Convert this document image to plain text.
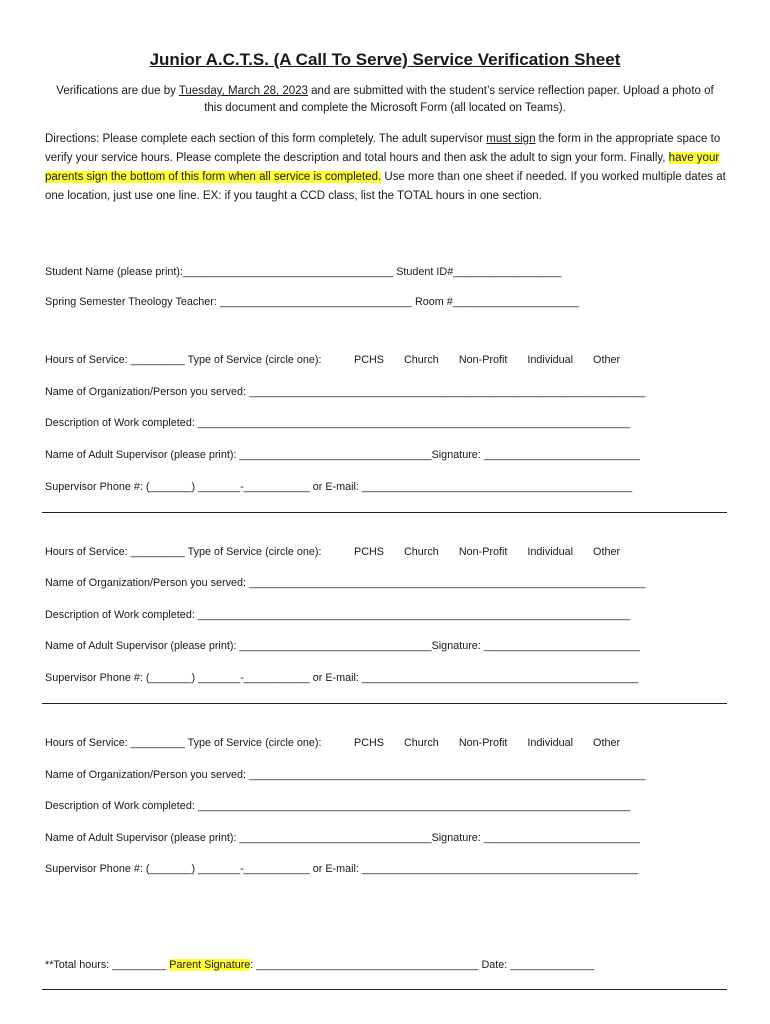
Junior A.C.T.S. (A Call To Serve) Service Verification Sheet
Verifications are due by Tuesday, March 28, 2023 and are submitted with the student’s service reflection paper. Upload a photo of this document and complete the Microsoft Form (all located on Teams).
Directions: Please complete each section of this form completely. The adult supervisor must sign the form in the appropriate space to verify your service hours. Please complete the description and total hours and then ask the adult to sign your form. Finally, have your parents sign the bottom of this form when all service is completed. Use more than one sheet if needed. If you worked multiple dates at one location, just use one line. EX: if you taught a CCD class, list the TOTAL hours in one section.
Student Name (please print):___________________________________ Student ID#__________________
Spring Semester Theology Teacher: ________________________________ Room #_____________________
Hours of Service: _________ Type of Service (circle one):	PCHS Church Non-Profit Individual Other
Name of Organization/Person you served: __________________________________________________________________
Description of Work completed: ________________________________________________________________________
Name of Adult Supervisor (please print): ________________________________Signature: __________________________
Supervisor Phone #: (_______) _______-___________ or E-mail: _____________________________________________
Hours of Service: _________ Type of Service (circle one):	PCHS Church Non-Profit Individual Other
Name of Organization/Person you served: __________________________________________________________________
Description of Work completed: ________________________________________________________________________
Name of Adult Supervisor (please print): ________________________________Signature: __________________________
Supervisor Phone #: (_______) _______-___________ or E-mail: ______________________________________________
Hours of Service: _________ Type of Service (circle one):	PCHS Church Non-Profit Individual Other
Name of Organization/Person you served: __________________________________________________________________
Description of Work completed: ________________________________________________________________________
Name of Adult Supervisor (please print): ________________________________Signature: __________________________
Supervisor Phone #: (_______) _______-___________ or E-mail: ______________________________________________
**Total hours: _________ Parent Signature: _____________________________________ Date: ______________
